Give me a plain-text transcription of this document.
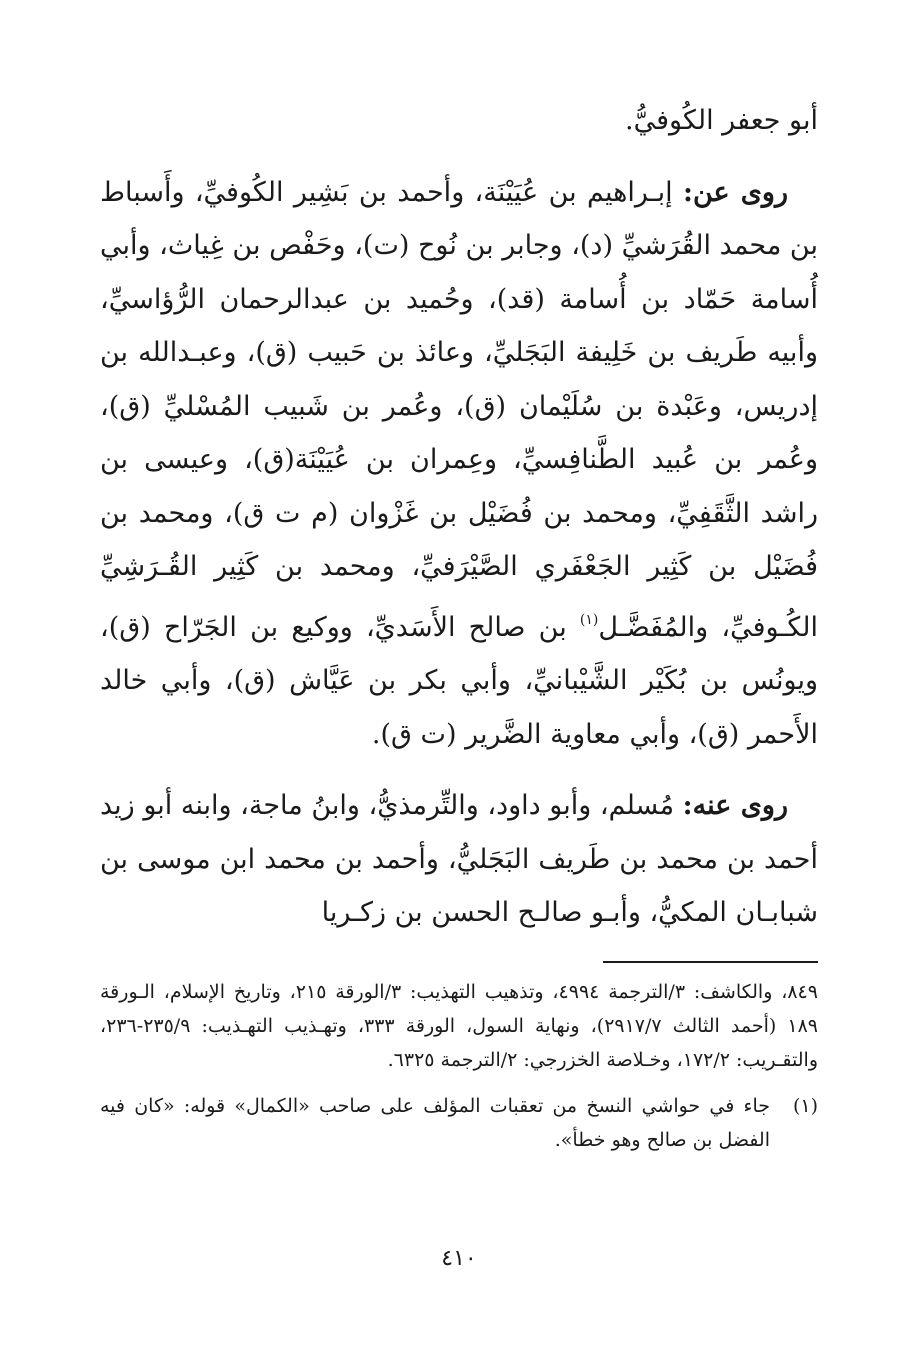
أبو جعفر الكُوفيُّ.

روى عن: إبـراهيم بن عُيَيْنَة، وأحمد بن بَشِير الكُوفيِّ، وأَسباط بن محمد القُرَشيِّ (د)، وجابر بن نُوح (ت)، وحَفْص بن غِياث، وأبي أُسامة حَمّاد بن أُسامة (قد)، وحُميد بن عبدالرحمان الرُّؤاسيِّ، وأبيه طَريف بن خَلِيفة البَجَليِّ، وعائذ بن حَبيب (ق)، وعبـدالله بن إدريس، وعَبْدة بن سُلَيْمان (ق)، وعُمر بن شَبيب المُسْليِّ (ق)، وعُمر بن عُبيد الطَّنافِسيِّ، وعِمران بن عُيَيْنَة(ق)، وعيسى بن راشد الثَّقَفِيِّ، ومحمد بن فُضَيْل بن غَزْوان (م ت ق)، ومحمد بن فُضَيْل بن كَثِير الجَعْفَري الصَّيْرَفيِّ، ومحمد بن كَثِير القُـرَشِيِّ الكُـوفيِّ، والمُفَضَّـل$^{(١)}$ بن صالح الأَسَديِّ، ووكيع بن الجَرّاح (ق)، ويونُس بن بُكَيْر الشَّيْبانيِّ، وأبي بكر بن عَيَّاش (ق)، وأبي خالد الأَحمر (ق)، وأبي معاوية الضَّرير (ت ق).

روى عنه: مُسلم، وأبو داود، والتِّرمذيُّ، وابنُ ماجة، وابنه أبو زيد أحمد بن محمد بن طَريف البَجَليُّ، وأحمد بن محمد ابن موسى بن شبابـان المكيُّ، وأبـو صالـح الحسن بن زكـريا

٨٤٩، والكاشف: ٣/الترجمة ٤٩٩٤، وتذهيب التهذيب: ٣/الورقة ٢١٥، وتاريخ الإسلام، الـورقة ١٨٩ (أحمد الثالث ٢٩١٧/٧)، ونهاية السول، الورقة ٣٣٣، وتهـذيب التهـذيب: ٢٣٥/٩-٢٣٦، والتقـريب: ١٧٢/٢، وخـلاصة الخزرجي: ٢/الترجمة ٦٣٢٥.

(١)
جاء في حواشي النسخ من تعقبات المؤلف على صاحب «الكمال» قوله: «كان فيه الفضل بن صالح وهو خطأ».
٤١٠
